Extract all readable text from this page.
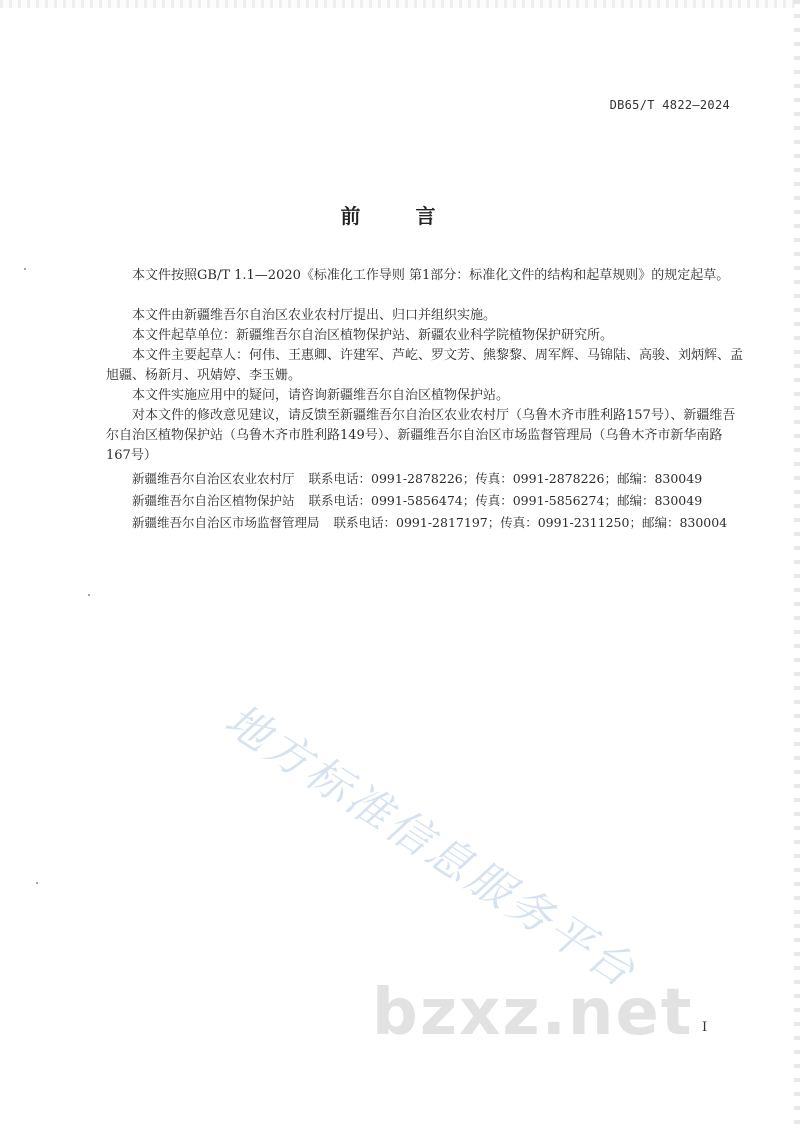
DB65/T 4822—2024
前 言

本文件按照GB/T 1.1—2020《标准化工作导则 第1部分：标准化文件的结构和起草规则》的规定起草。

本文件由新疆维吾尔自治区农业农村厅提出、归口并组织实施。

本文件起草单位：新疆维吾尔自治区植物保护站、新疆农业科学院植物保护研究所。

本文件主要起草人：何伟、王惠卿、许建军、芦屹、罗文芳、熊黎黎、周军辉、马锦陆、高骏、刘炳辉、孟旭疆、杨新月、巩婧婷、李玉姗。

本文件实施应用中的疑问，请咨询新疆维吾尔自治区植物保护站。

对本文件的修改意见建议，请反馈至新疆维吾尔自治区农业农村厅（乌鲁木齐市胜利路157号）、新疆维吾尔自治区植物保护站（乌鲁木齐市胜利路149号）、新疆维吾尔自治区市场监督管理局（乌鲁木齐市新华南路167号）

新疆维吾尔自治区农业农村厅 联系电话：0991-2878226；传真：0991-2878226；邮编：830049
新疆维吾尔自治区植物保护站 联系电话：0991-5856474；传真：0991-5856274；邮编：830049
新疆维吾尔自治区市场监督管理局 联系电话：0991-2817197；传真：0991-2311250；邮编：830004
地方标准信息服务平台
bzxz.net I
